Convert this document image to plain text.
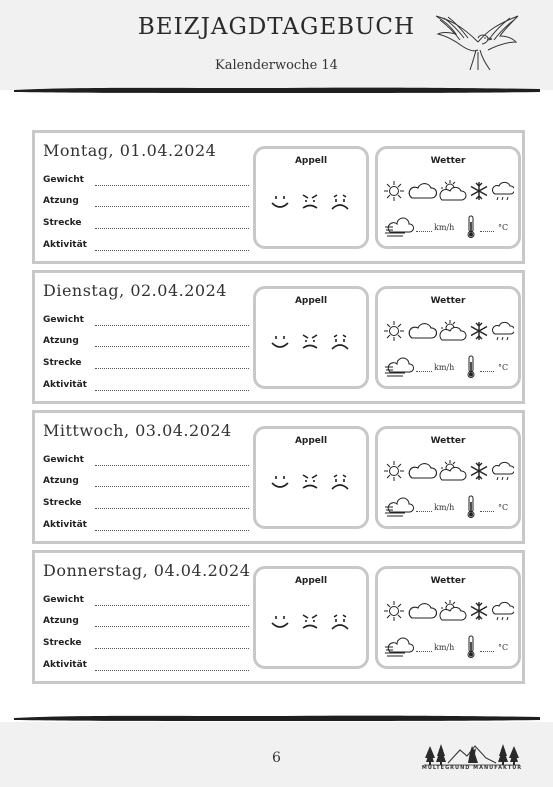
BEIZJAGDTAGEBUCH
Kalenderwoche 14
Montag, 01.04.2024
Gewicht
Atzung
Strecke
Aktivität
Appell	Wetter
km/h	°C
Dienstag, 02.04.2024
Gewicht
Atzung
Strecke
Aktivität
Appell	Wetter
km/h	°C
Mittwoch, 03.04.2024
Gewicht
Atzung
Strecke
Aktivität
Appell	Wetter
km/h	°C
Donnerstag, 04.04.2024
Gewicht
Atzung
Strecke
Aktivität
Appell	Wetter
km/h	°C
6
MULTEGRUND MANUFAKTUR
